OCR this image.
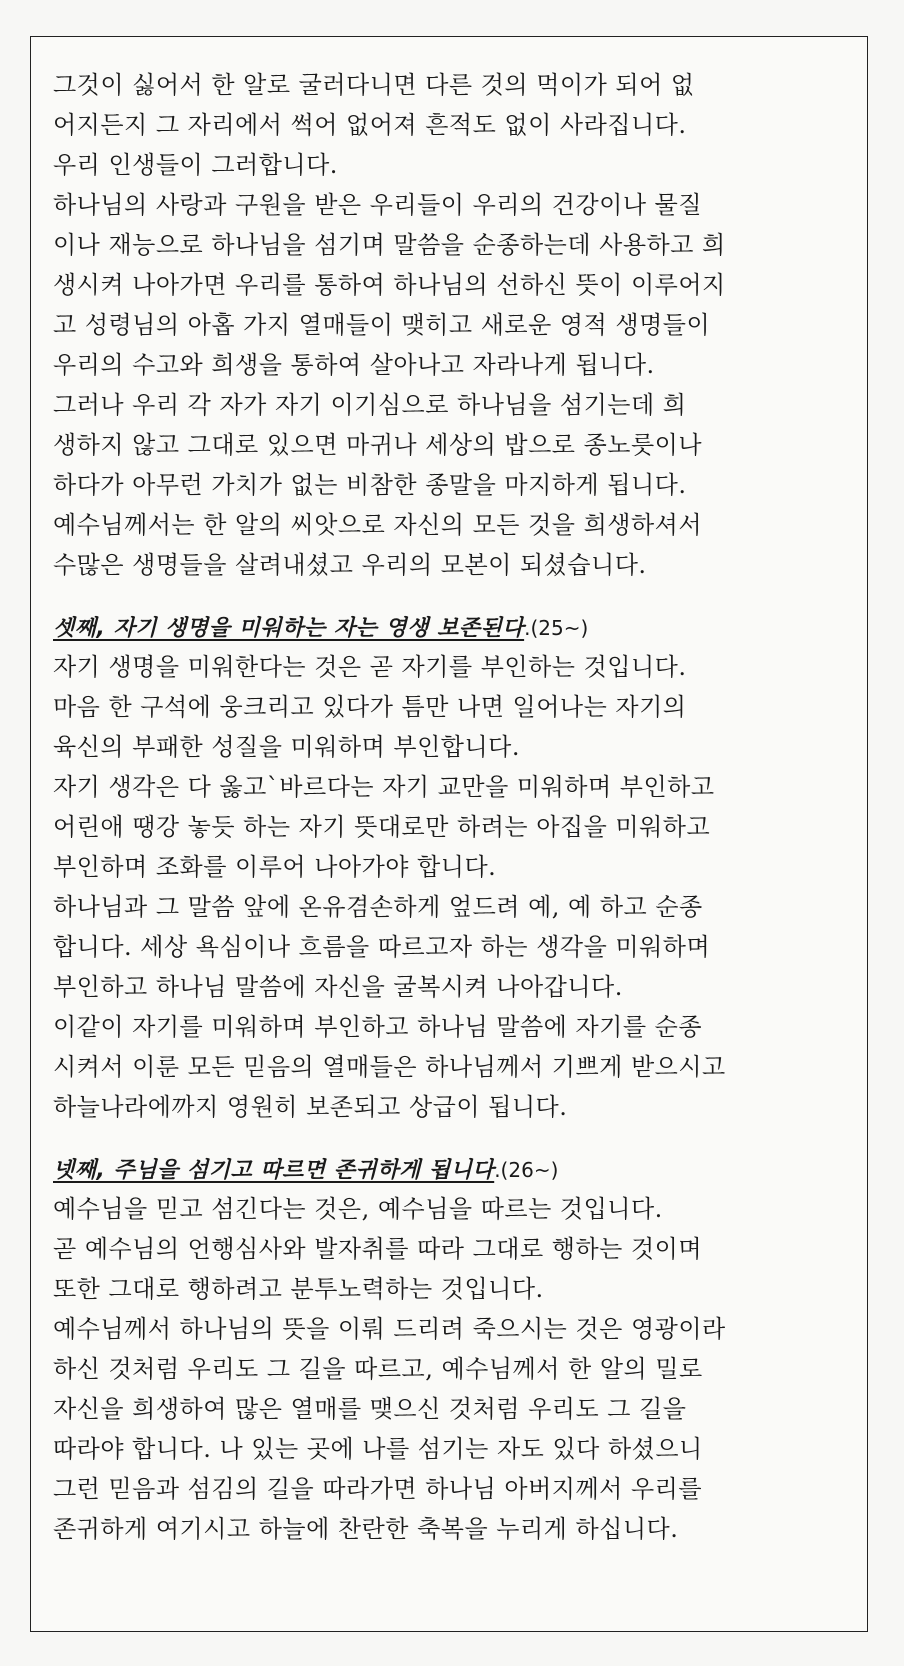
그것이 싫어서 한 알로 굴러다니면 다른 것의 먹이가 되어 없
어지든지 그 자리에서 썩어 없어져 흔적도 없이 사라집니다.
우리 인생들이 그러합니다.
하나님의 사랑과 구원을 받은 우리들이 우리의 건강이나 물질
이나 재능으로 하나님을 섬기며 말씀을 순종하는데 사용하고 희
생시켜 나아가면 우리를 통하여 하나님의 선하신 뜻이 이루어지
고 성령님의 아홉 가지 열매들이 맺히고 새로운 영적 생명들이
우리의 수고와 희생을 통하여 살아나고 자라나게 됩니다.
그러나 우리 각 자가 자기 이기심으로 하나님을 섬기는데 희
생하지 않고 그대로 있으면 마귀나 세상의 밥으로 종노릇이나
하다가 아무런 가치가 없는 비참한 종말을 마지하게 됩니다.
예수님께서는 한 알의 씨앗으로 자신의 모든 것을 희생하셔서
수많은 생명들을 살려내셨고 우리의 모본이 되셨습니다.
셋째, 자기 생명을 미워하는 자는 영생 보존된다.(25~)
자기 생명을 미워한다는 것은 곧 자기를 부인하는 것입니다.
마음 한 구석에 웅크리고 있다가 틈만 나면 일어나는 자기의
육신의 부패한 성질을 미워하며 부인합니다.
자기 생각은 다 옳고`바르다는 자기 교만을 미워하며 부인하고
어린애 땡강 놓듯 하는 자기 뜻대로만 하려는 아집을 미워하고
부인하며 조화를 이루어 나아가야 합니다.
하나님과 그 말씀 앞에 온유겸손하게 엎드려 예, 예 하고 순종
합니다. 세상 욕심이나 흐름을 따르고자 하는 생각을 미워하며
부인하고 하나님 말씀에 자신을 굴복시켜 나아갑니다.
이같이 자기를 미워하며 부인하고 하나님 말씀에 자기를 순종
시켜서 이룬 모든 믿음의 열매들은 하나님께서 기쁘게 받으시고
하늘나라에까지 영원히 보존되고 상급이 됩니다.
넷째, 주님을 섬기고 따르면 존귀하게 됩니다.(26~)
예수님을 믿고 섬긴다는 것은, 예수님을 따르는 것입니다.
곧 예수님의 언행심사와 발자취를 따라 그대로 행하는 것이며
또한 그대로 행하려고 분투노력하는 것입니다.
예수님께서 하나님의 뜻을 이뤄 드리려 죽으시는 것은 영광이라
하신 것처럼 우리도 그 길을 따르고, 예수님께서 한 알의 밀로
자신을 희생하여 많은 열매를 맺으신 것처럼 우리도 그 길을
따라야 합니다. 나 있는 곳에 나를 섬기는 자도 있다 하셨으니
그런 믿음과 섬김의 길을 따라가면 하나님 아버지께서 우리를
존귀하게 여기시고 하늘에 찬란한 축복을 누리게 하십니다.
